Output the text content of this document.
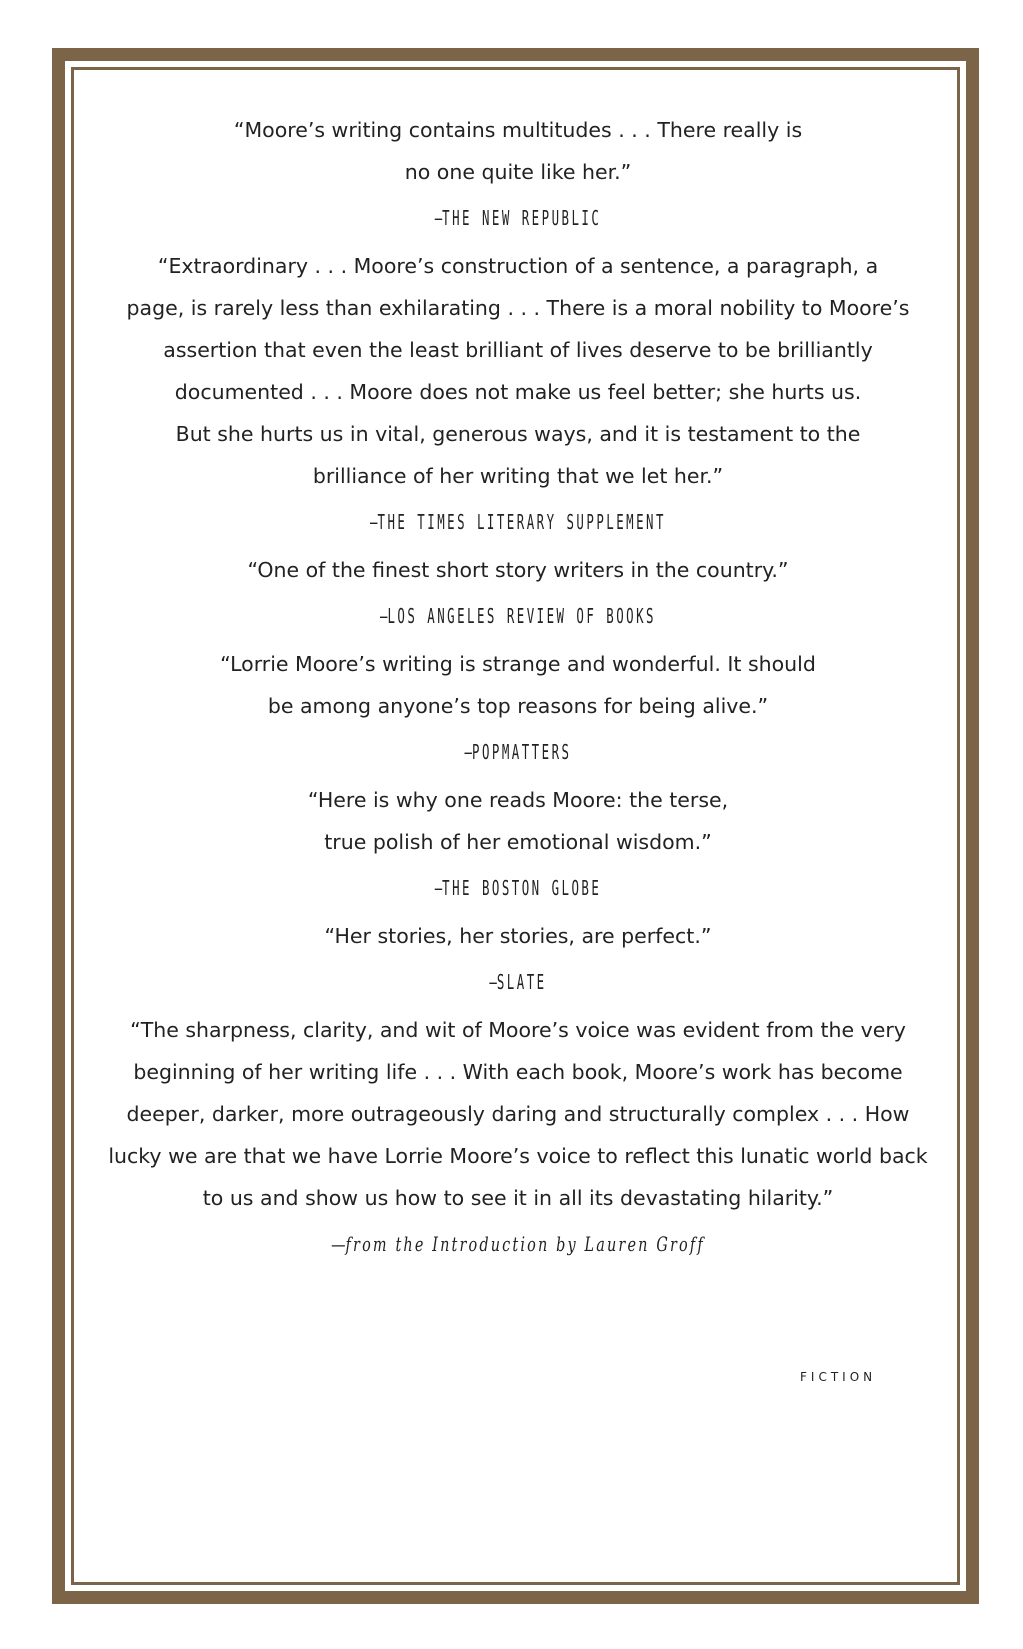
“Moore’s writing contains multitudes . . . There really is
no one quite like her.”
—THE NEW REPUBLIC
“Extraordinary . . . Moore’s construction of a sentence, a paragraph, a
page, is rarely less than exhilarating . . . There is a moral nobility to Moore’s
assertion that even the least brilliant of lives deserve to be brilliantly
documented . . . Moore does not make us feel better; she hurts us.
But she hurts us in vital, generous ways, and it is testament to the
brilliance of her writing that we let her.”
—THE TIMES LITERARY SUPPLEMENT
“One of the finest short story writers in the country.”
—LOS ANGELES REVIEW OF BOOKS
“Lorrie Moore’s writing is strange and wonderful. It should
be among anyone’s top reasons for being alive.”
—POPMATTERS
“Here is why one reads Moore: the terse,
true polish of her emotional wisdom.”
—THE BOSTON GLOBE
“Her stories, her stories, are perfect.”
—SLATE
“The sharpness, clarity, and wit of Moore’s voice was evident from the very
beginning of her writing life . . . With each book, Moore’s work has become
deeper, darker, more outrageously daring and structurally complex . . . How
lucky we are that we have Lorrie Moore’s voice to reflect this lunatic world back
to us and show us how to see it in all its devastating hilarity.”
—from the Introduction by Lauren Groff
FICTION
